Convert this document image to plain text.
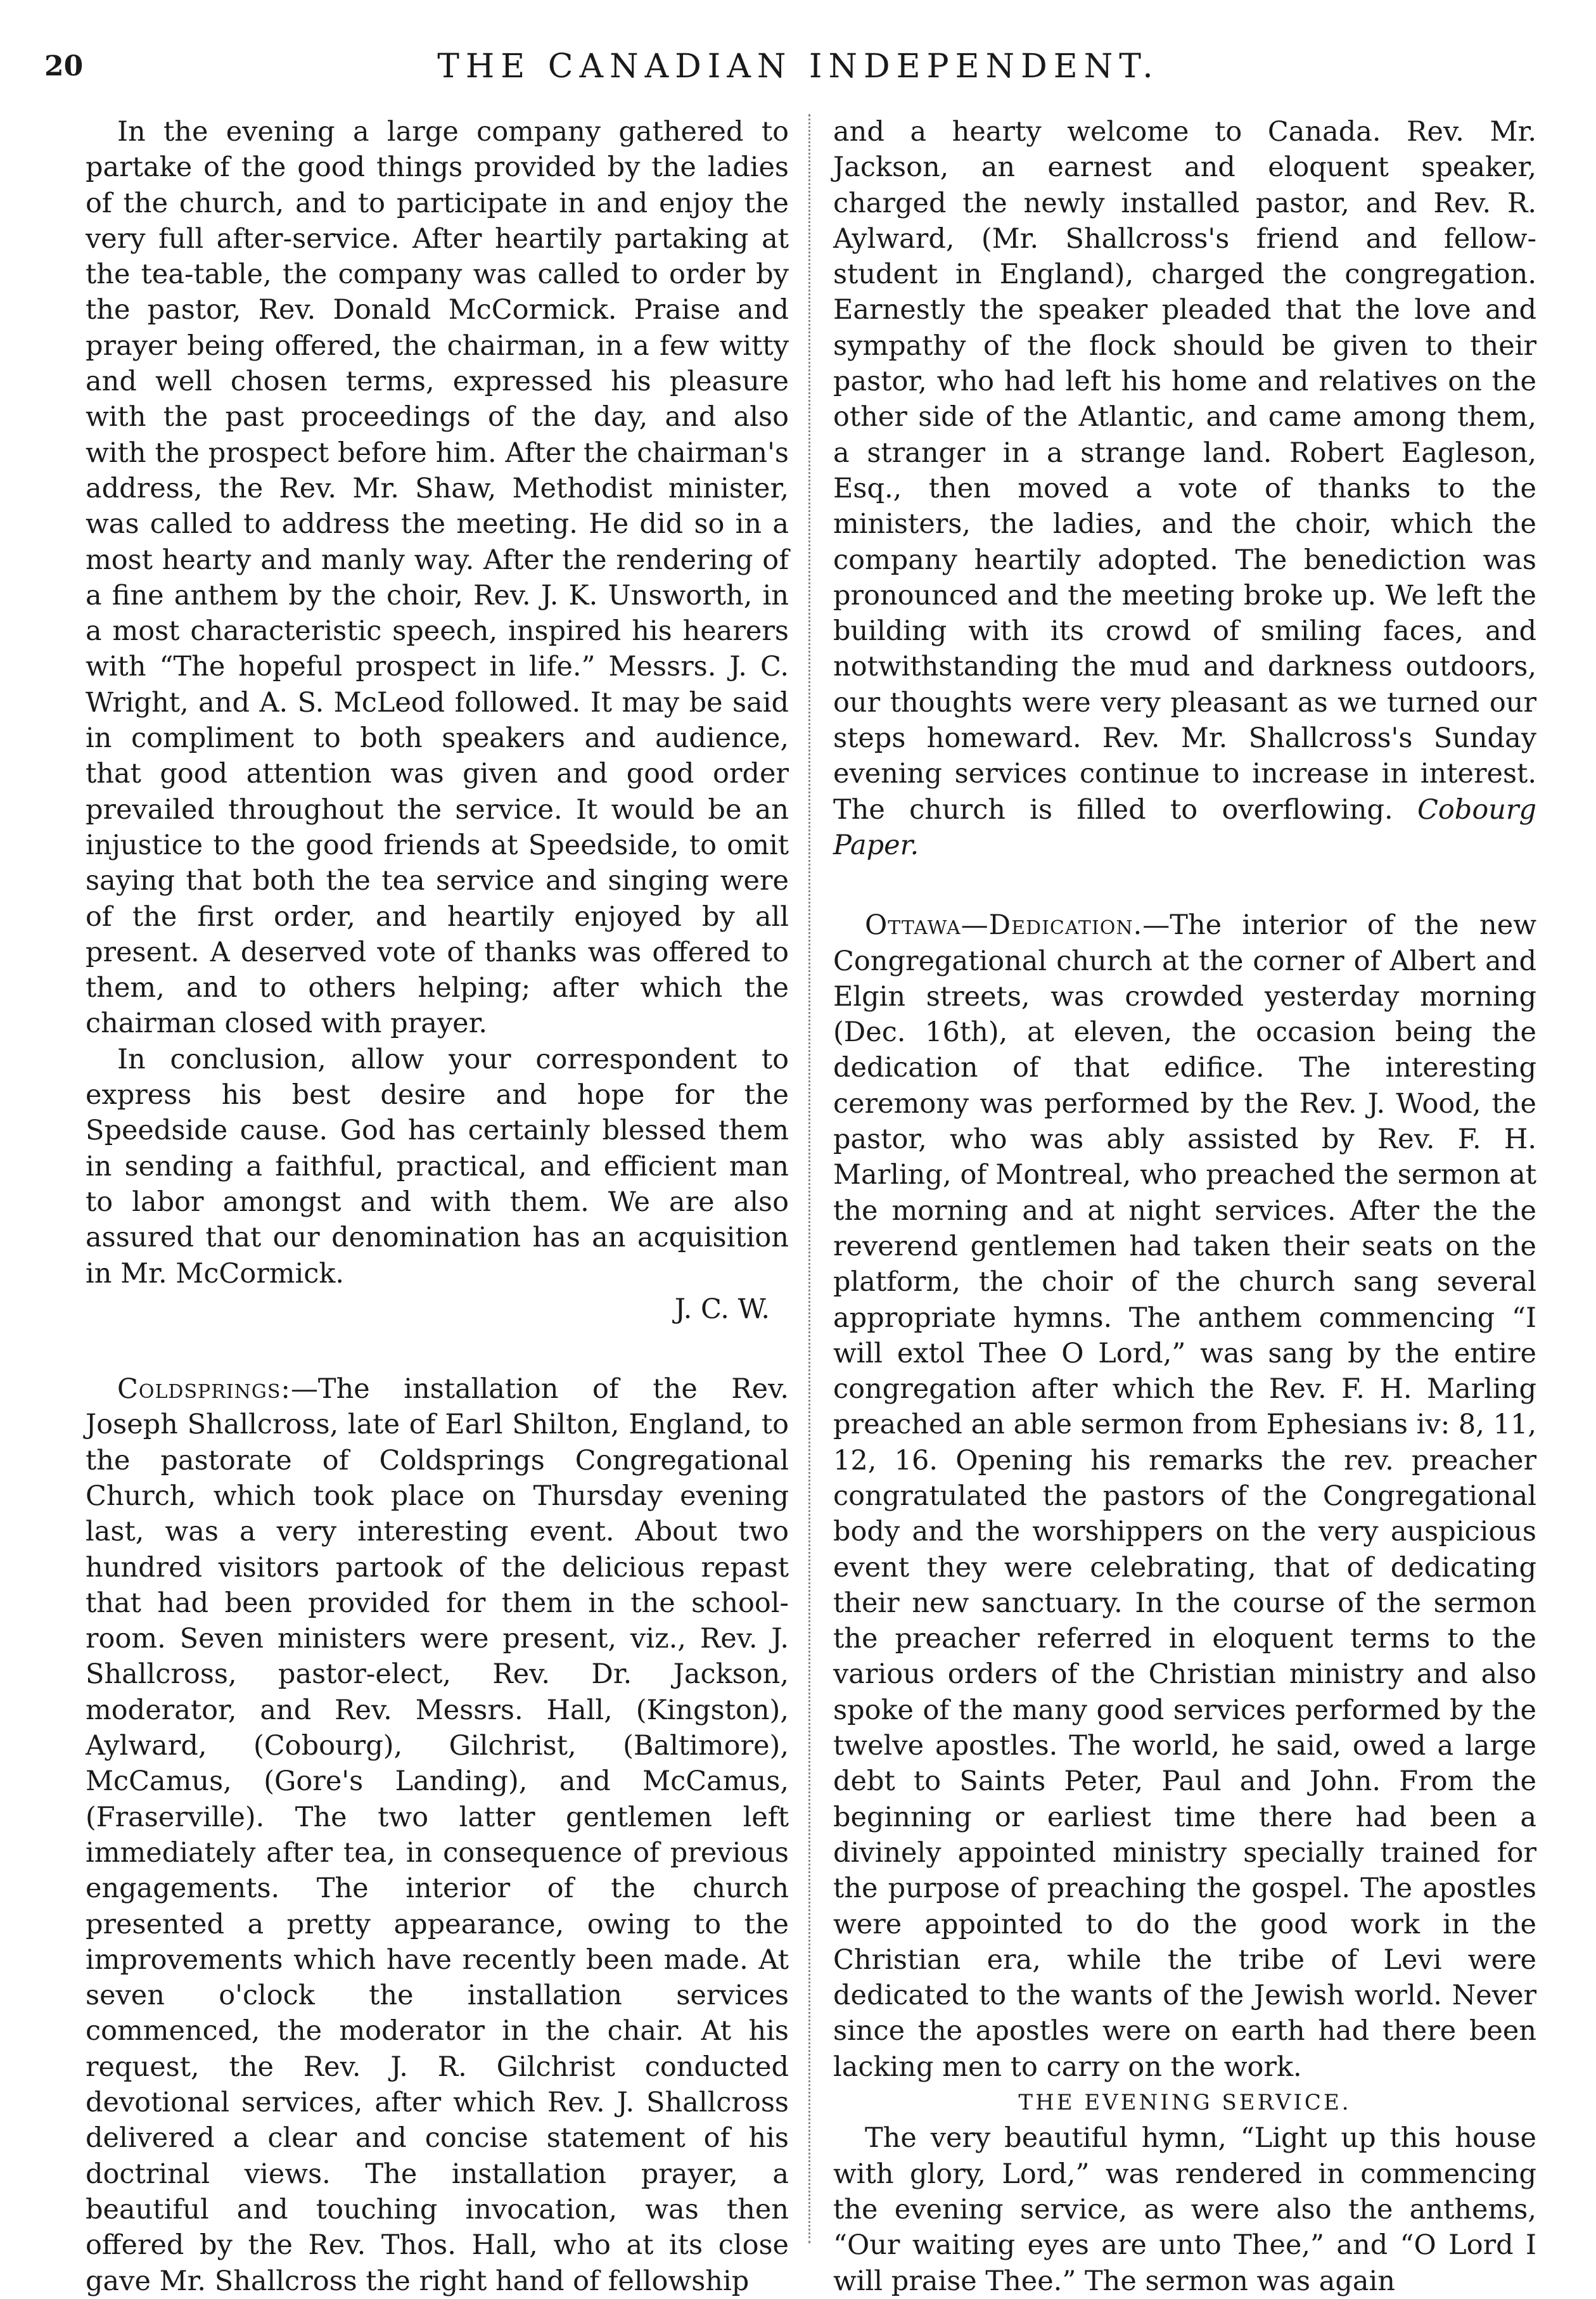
20	THE CANADIAN INDEPENDENT.

In the evening a large company gathered to partake of the good things provided by the ladies of the church, and to participate in and enjoy the very full after-service. After heartily partaking at the tea-table, the company was called to order by the pastor, Rev. Donald McCormick. Praise and prayer being offered, the chairman, in a few witty and well chosen terms, expressed his pleasure with the past proceedings of the day, and also with the prospect before him. After the chairman's address, the Rev. Mr. Shaw, Methodist minister, was called to address the meeting. He did so in a most hearty and manly way. After the rendering of a fine anthem by the choir, Rev. J. K. Unsworth, in a most characteristic speech, inspired his hearers with “The hopeful prospect in life.” Messrs. J. C. Wright, and A. S. McLeod followed. It may be said in compliment to both speakers and audience, that good attention was given and good order prevailed throughout the service. It would be an injustice to the good friends at Speedside, to omit saying that both the tea service and singing were of the first order, and heartily enjoyed by all present. A deserved vote of thanks was offered to them, and to others helping; after which the chairman closed with prayer.

In conclusion, allow your correspondent to express his best desire and hope for the Speedside cause. God has certainly blessed them in sending a faithful, practical, and efficient man to labor amongst and with them. We are also assured that our denomination has an acquisition in Mr. McCormick.

J. C. W.

Coldsprings:—The installation of the Rev. Joseph Shallcross, late of Earl Shilton, England, to the pastorate of Coldsprings Congregational Church, which took place on Thursday evening last, was a very interesting event. About two hundred visitors partook of the delicious repast that had been provided for them in the school-room. Seven ministers were present, viz., Rev. J. Shallcross, pastor-elect, Rev. Dr. Jackson, moderator, and Rev. Messrs. Hall, (Kingston), Aylward, (Cobourg), Gilchrist, (Baltimore), McCamus, (Gore's Landing), and McCamus, (Fraserville). The two latter gentlemen left immediately after tea, in consequence of previous engagements. The interior of the church presented a pretty appearance, owing to the improvements which have recently been made. At seven o'clock the installation services commenced, the moderator in the chair. At his request, the Rev. J. R. Gilchrist conducted devotional services, after which Rev. J. Shallcross delivered a clear and concise statement of his doctrinal views. The installation prayer, a beautiful and touching invocation, was then offered by the Rev. Thos. Hall, who at its close gave Mr. Shallcross the right hand of fellowship

and a hearty welcome to Canada. Rev. Mr. Jackson, an earnest and eloquent speaker, charged the newly installed pastor, and Rev. R. Aylward, (Mr. Shallcross's friend and fellow-student in England), charged the congregation. Earnestly the speaker pleaded that the love and sympathy of the flock should be given to their pastor, who had left his home and relatives on the other side of the Atlantic, and came among them, a stranger in a strange land. Robert Eagleson, Esq., then moved a vote of thanks to the ministers, the ladies, and the choir, which the company heartily adopted. The benediction was pronounced and the meeting broke up. We left the building with its crowd of smiling faces, and notwithstanding the mud and darkness outdoors, our thoughts were very pleasant as we turned our steps homeward. Rev. Mr. Shallcross's Sunday evening services continue to increase in interest. The church is filled to overflowing. Cobourg Paper.

Ottawa—Dedication.—The interior of the new Congregational church at the corner of Albert and Elgin streets, was crowded yesterday morning (Dec. 16th), at eleven, the occasion being the dedication of that edifice. The interesting ceremony was performed by the Rev. J. Wood, the pastor, who was ably assisted by Rev. F. H. Marling, of Montreal, who preached the sermon at the morning and at night services. After the the reverend gentlemen had taken their seats on the platform, the choir of the church sang several appropriate hymns. The anthem commencing “I will extol Thee O Lord,” was sang by the entire congregation after which the Rev. F. H. Marling preached an able sermon from Ephesians iv: 8, 11, 12, 16. Opening his remarks the rev. preacher congratulated the pastors of the Congregational body and the worshippers on the very auspicious event they were celebrating, that of dedicating their new sanctuary. In the course of the sermon the preacher referred in eloquent terms to the various orders of the Christian ministry and also spoke of the many good services performed by the twelve apostles. The world, he said, owed a large debt to Saints Peter, Paul and John. From the beginning or earliest time there had been a divinely appointed ministry specially trained for the purpose of preaching the gospel. The apostles were appointed to do the good work in the Christian era, while the tribe of Levi were dedicated to the wants of the Jewish world. Never since the apostles were on earth had there been lacking men to carry on the work.

THE EVENING SERVICE.

The very beautiful hymn, “Light up this house with glory, Lord,” was rendered in commencing the evening service, as were also the anthems, “Our waiting eyes are unto Thee,” and “O Lord I will praise Thee.” The sermon was again
